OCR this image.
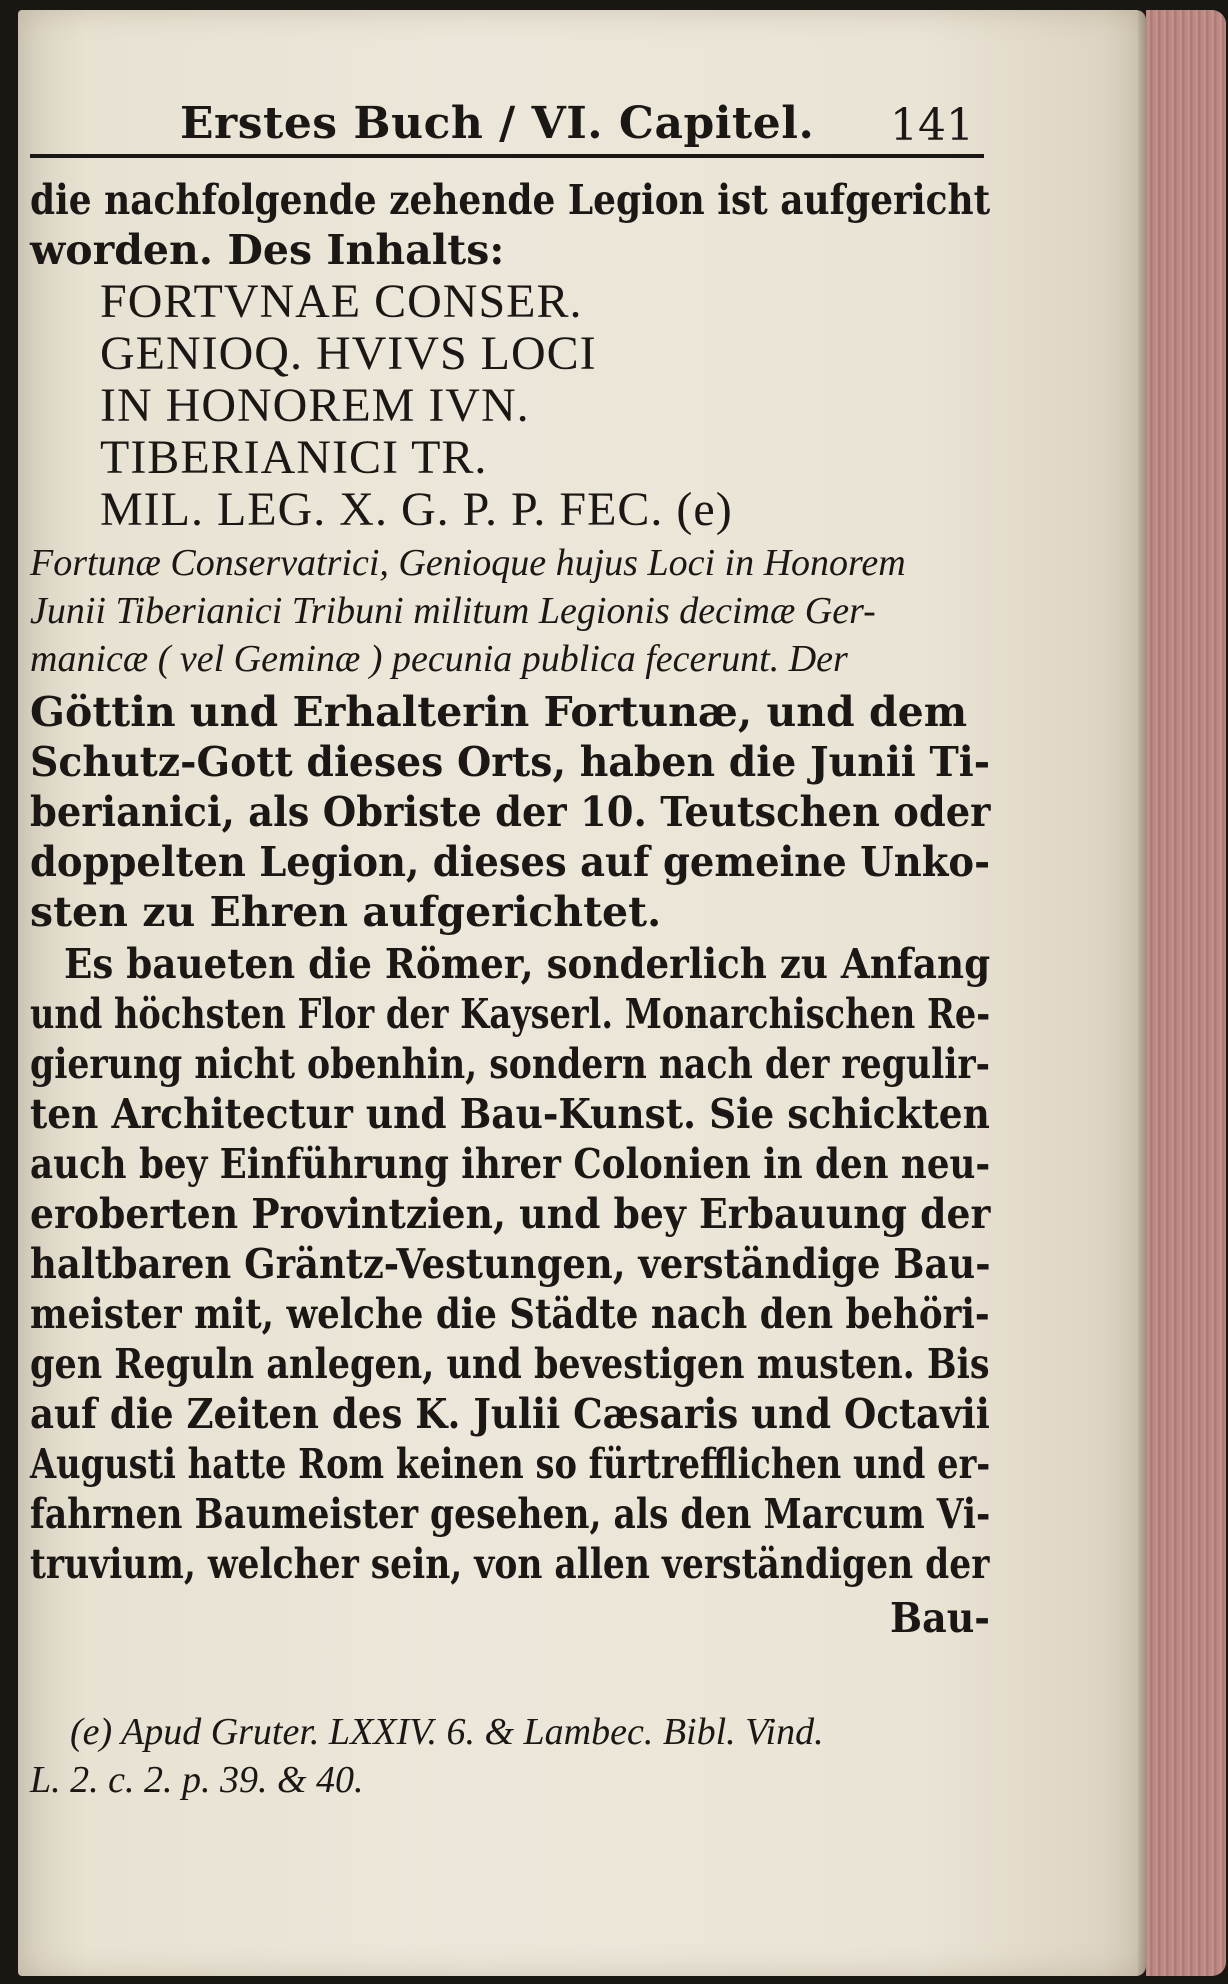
Erstes Buch / VI. Capitel. 141
die nachfolgende zehende Legion ist aufgericht
worden. Des Inhalts:
FORTVNAE CONSER.
GENIOQ. HVIVS LOCI
IN HONOREM IVN.
TIBERIANICI TR.
MIL. LEG. X. G. P. P. FEC. (e)
Fortunæ Conservatrici, Genioque hujus Loci in Honorem
Junii Tiberianici Tribuni militum Legionis decimæ Ger-
manicæ ( vel Geminæ ) pecunia publica fecerunt. Der
Göttin und Erhalterin Fortunæ, und dem
Schutz-Gott dieses Orts, haben die Junii Ti-
berianici, als Obriste der 10. Teutschen oder
doppelten Legion, dieses auf gemeine Unko-
sten zu Ehren aufgerichtet.
Es baueten die Römer, sonderlich zu Anfang
und höchsten Flor der Kayserl. Monarchischen Re-
gierung nicht obenhin, sondern nach der regulir-
ten Architectur und Bau-Kunst. Sie schickten
auch bey Einführung ihrer Colonien in den neu-
eroberten Provintzien, und bey Erbauung der
haltbaren Gräntz-Vestungen, verständige Bau-
meister mit, welche die Städte nach den behöri-
gen Reguln anlegen, und bevestigen musten. Bis
auf die Zeiten des K. Julii Cæsaris und Octavii
Augusti hatte Rom keinen so fürtrefflichen und er-
fahrnen Baumeister gesehen, als den Marcum Vi-
truvium, welcher sein, von allen verständigen der
Bau-
(e) Apud Gruter. LXXIV. 6. & Lambec. Bibl. Vind.
L. 2. c. 2. p. 39. & 40.
